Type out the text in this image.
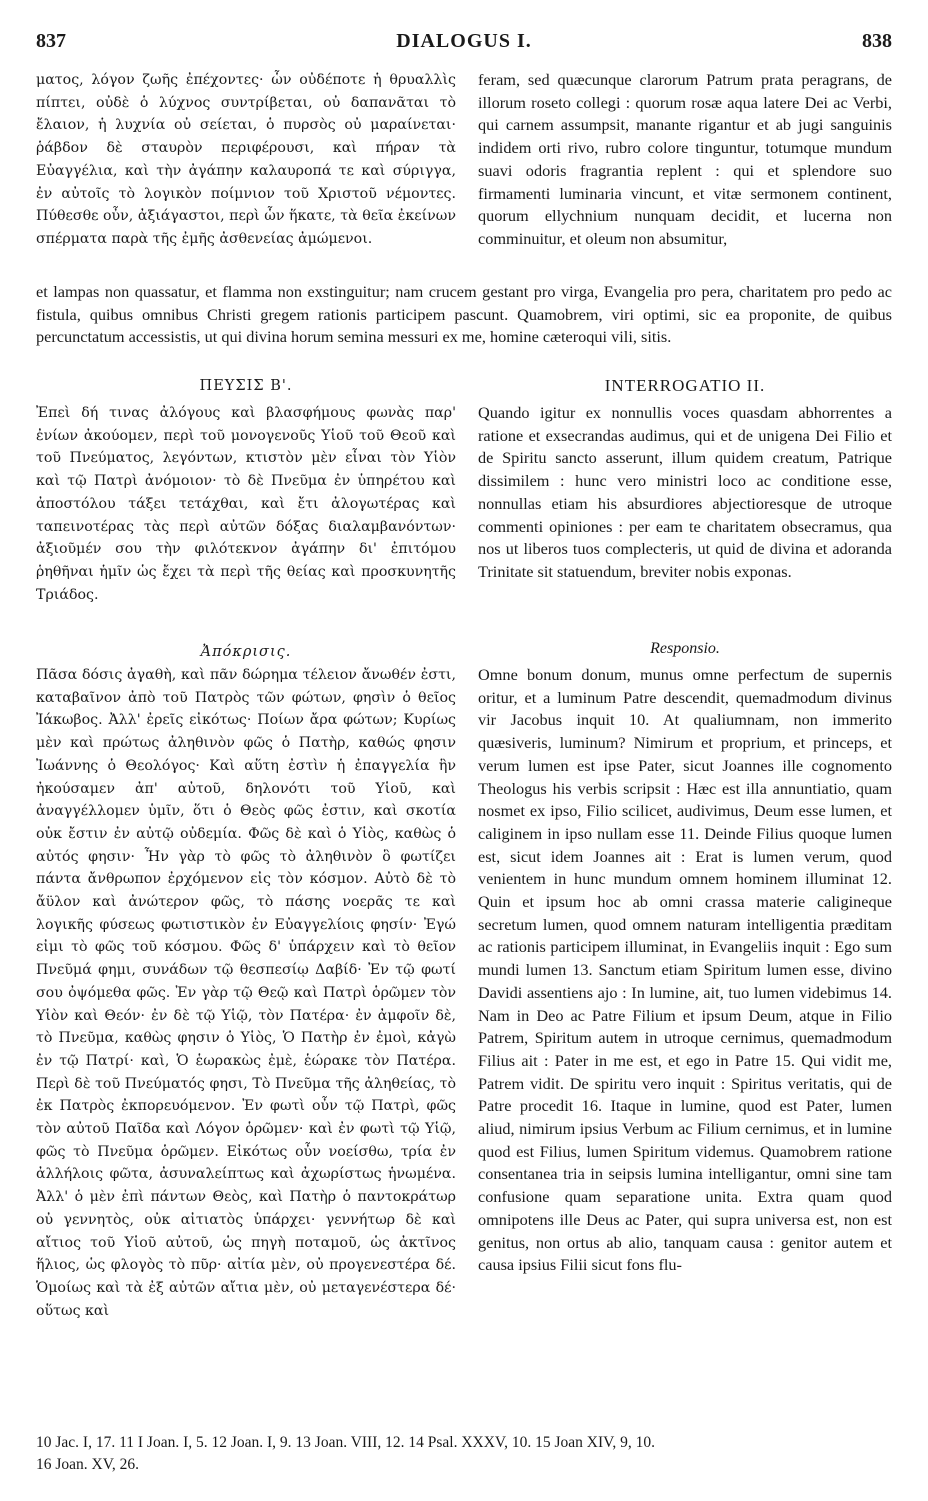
837	DIALOGUS I.	838

ματος, λόγον ζωῆς ἐπέχοντες· ὧν οὐδέποτε ἡ θρυαλλὶς πίπτει, οὐδὲ ὁ λύχνος συντρίβεται, οὐ δαπανᾶται τὸ ἔλαιον, ἡ λυχνία οὐ σείεται, ὁ πυρσὸς οὐ μαραίνεται· ῥάβδον δὲ σταυρὸν περιφέρουσι, καὶ πήραν τὰ Εὐαγγέλια, καὶ τὴν ἀγάπην καλαυροπά τε καὶ σύριγγα, ἐν αὐτοῖς τὸ λογικὸν ποίμνιον τοῦ Χριστοῦ νέμοντες. Πύθεσθε οὖν, ἀξιάγαστοι, περὶ ὧν ἥκατε, τὰ θεῖα ἐκείνων σπέρματα παρὰ τῆς ἐμῆς ἀσθενείας ἀμώμενοι.

feram, sed quæcunque clarorum Patrum prata peragrans, de illorum roseto collegi : quorum rosæ aqua latere Dei ac Verbi, qui carnem assumpsit, manante rigantur et ab jugi sanguinis indidem orti rivo, rubro colore tinguntur, totumque mundum suavi odoris fragrantia replent : qui et splendore suo firmamenti luminaria vincunt, et vitæ sermonem continent, quorum ellychnium nunquam decidit, et lucerna non comminuitur, et oleum non absumitur,

et lampas non quassatur, et flamma non exstinguitur; nam crucem gestant pro virga, Evangelia pro pera, charitatem pro pedo ac fistula, quibus omnibus Christi gregem rationis participem pascunt. Quamobrem, viri optimi, sic ea proponite, de quibus percunctatum accessistis, ut qui divina horum semina messuri ex me, homine cæteroqui vili, sitis.

ΠΕΥΣΙΣ Β'.	INTERROGATIO II.

Ἐπεὶ δή τινας ἀλόγους καὶ βλασφήμους φωνὰς παρ' ἐνίων ἀκούομεν, περὶ τοῦ μονογενοῦς Υἱοῦ τοῦ Θεοῦ καὶ τοῦ Πνεύματος, λεγόντων, κτιστὸν μὲν εἶναι τὸν Υἱὸν καὶ τῷ Πατρὶ ἀνόμοιον· τὸ δὲ Πνεῦμα ἐν ὑπηρέτου καὶ ἀποστόλου τάξει τετάχθαι, καὶ ἔτι ἀλογωτέρας καὶ ταπεινοτέρας τὰς περὶ αὐτῶν δόξας διαλαμβανόντων· ἀξιοῦμέν σου τὴν φιλότεκνον ἀγάπην δι' ἐπιτόμου ῥηθῆναι ἡμῖν ὡς ἔχει τὰ περὶ τῆς θείας καὶ προσκυνητῆς Τριάδος.

Quando igitur ex nonnullis voces quasdam abhorrentes a ratione et exsecrandas audimus, qui et de unigena Dei Filio et de Spiritu sancto asserunt, illum quidem creatum, Patrique dissimilem : hunc vero ministri loco ac conditione esse, nonnullas etiam his absurdiores abjectioresque de utroque commenti opiniones : per eam te charitatem obsecramus, qua nos ut liberos tuos complecteris, ut quid de divina et adoranda Trinitate sit statuendum, breviter nobis exponas.

Ἀπόκρισις.	Responsio.

Πᾶσα δόσις ἀγαθὴ, καὶ πᾶν δώρημα τέλειον ἄνωθέν ἐστι, καταβαῖνον ἀπὸ τοῦ Πατρὸς τῶν φώτων, φησὶν ὁ θεῖος Ἰάκωβος. Ἀλλ' ἐρεῖς εἰκότως· Ποίων ἄρα φώτων; Κυρίως μὲν καὶ πρώτως ἀληθινὸν φῶς ὁ Πατὴρ, καθώς φησιν Ἰωάννης ὁ Θεολόγος· Καὶ αὕτη ἐστὶν ἡ ἐπαγγελία ἣν ἠκούσαμεν ἀπ' αὐτοῦ, δηλονότι τοῦ Υἱοῦ, καὶ ἀναγγέλλομεν ὑμῖν, ὅτι ὁ Θεὸς φῶς ἐστιν, καὶ σκοτία οὐκ ἔστιν ἐν αὐτῷ οὐδεμία. Φῶς δὲ καὶ ὁ Υἱὸς, καθὼς ὁ αὐτός φησιν· Ἦν γὰρ τὸ φῶς τὸ ἀληθινὸν ὃ φωτίζει πάντα ἄνθρωπον ἐρχόμενον εἰς τὸν κόσμον. Αὐτὸ δὲ τὸ ἄϋλον καὶ ἀνώτερον φῶς, τὸ πάσης νοερᾶς τε καὶ λογικῆς φύσεως φωτιστικὸν ἐν Εὐαγγελίοις φησίν· Ἐγώ εἰμι τὸ φῶς τοῦ κόσμου. Φῶς δ' ὑπάρχειν καὶ τὸ θεῖον Πνεῦμά φημι, συνάδων τῷ θεσπεσίῳ Δαβίδ· Ἐν τῷ φωτί σου ὀψόμεθα φῶς. Ἐν γὰρ τῷ Θεῷ καὶ Πατρὶ ὁρῶμεν τὸν Υἱὸν καὶ Θεόν· ἐν δὲ τῷ Υἱῷ, τὸν Πατέρα· ἐν ἀμφοῖν δὲ, τὸ Πνεῦμα, καθὼς φησιν ὁ Υἱὸς, Ὁ Πατὴρ ἐν ἐμοὶ, κἀγὼ ἐν τῷ Πατρί· καὶ, Ὁ ἑωρακὼς ἐμὲ, ἑώρακε τὸν Πατέρα. Περὶ δὲ τοῦ Πνεύματός φησι, Τὸ Πνεῦμα τῆς ἀληθείας, τὸ ἐκ Πατρὸς ἐκπορευόμενον. Ἐν φωτὶ οὖν τῷ Πατρὶ, φῶς τὸν αὐτοῦ Παῖδα καὶ Λόγον ὁρῶμεν· καὶ ἐν φωτὶ τῷ Υἱῷ, φῶς τὸ Πνεῦμα ὁρῶμεν. Εἰκότως οὖν νοείσθω, τρία ἐν ἀλλήλοις φῶτα, ἀσυναλείπτως καὶ ἀχωρίστως ἡνωμένα. Ἀλλ' ὁ μὲν ἐπὶ πάντων Θεὸς, καὶ Πατὴρ ὁ παντοκράτωρ οὐ γεννητὸς, οὐκ αἰτιατὸς ὑπάρχει· γεννήτωρ δὲ καὶ αἴτιος τοῦ Υἱοῦ αὐτοῦ, ὡς πηγὴ ποταμοῦ, ὡς ἀκτῖνος ἥλιος, ὡς φλογὸς τὸ πῦρ· αἰτία μὲν, οὐ προγενεστέρα δέ. Ὁμοίως καὶ τὰ ἐξ αὐτῶν αἴτια μὲν, οὐ μεταγενέστερα δέ· οὕτως καὶ

Omne bonum donum, munus omne perfectum de supernis oritur, et a luminum Patre descendit, quemadmodum divinus vir Jacobus inquit 10. At qualiumnam, non immerito quæsiveris, luminum? Nimirum et proprium, et princeps, et verum lumen est ipse Pater, sicut Joannes ille cognomento Theologus his verbis scripsit : Hæc est illa annuntiatio, quam nosmet ex ipso, Filio scilicet, audivimus, Deum esse lumen, et caliginem in ipso nullam esse 11. Deinde Filius quoque lumen est, sicut idem Joannes ait : Erat is lumen verum, quod venientem in hunc mundum omnem hominem illuminat 12. Quin et ipsum hoc ab omni crassa materie caligineque secretum lumen, quod omnem naturam intelligentia præditam ac rationis participem illuminat, in Evangeliis inquit : Ego sum mundi lumen 13. Sanctum etiam Spiritum lumen esse, divino Davidi assentiens ajo : In lumine, ait, tuo lumen videbimus 14. Nam in Deo ac Patre Filium et ipsum Deum, atque in Filio Patrem, Spiritum autem in utroque cernimus, quemadmodum Filius ait : Pater in me est, et ego in Patre 15. Qui vidit me, Patrem vidit. De spiritu vero inquit : Spiritus veritatis, qui de Patre procedit 16. Itaque in lumine, quod est Pater, lumen aliud, nimirum ipsius Verbum ac Filium cernimus, et in lumine quod est Filius, lumen Spiritum videmus. Quamobrem ratione consentanea tria in seipsis lumina intelligantur, omni sine tam confusione quam separatione unita. Extra quam quod omnipotens ille Deus ac Pater, qui supra universa est, non est genitus, non ortus ab alio, tanquam causa : genitor autem et causa ipsius Filii sicut fons flu-

10 Jac. I, 17. 11 I Joan. I, 5. 12 Joan. I, 9. 13 Joan. VIII, 12. 14 Psal. XXXV, 10. 15 Joan XIV, 9, 10.
16 Joan. XV, 26.
